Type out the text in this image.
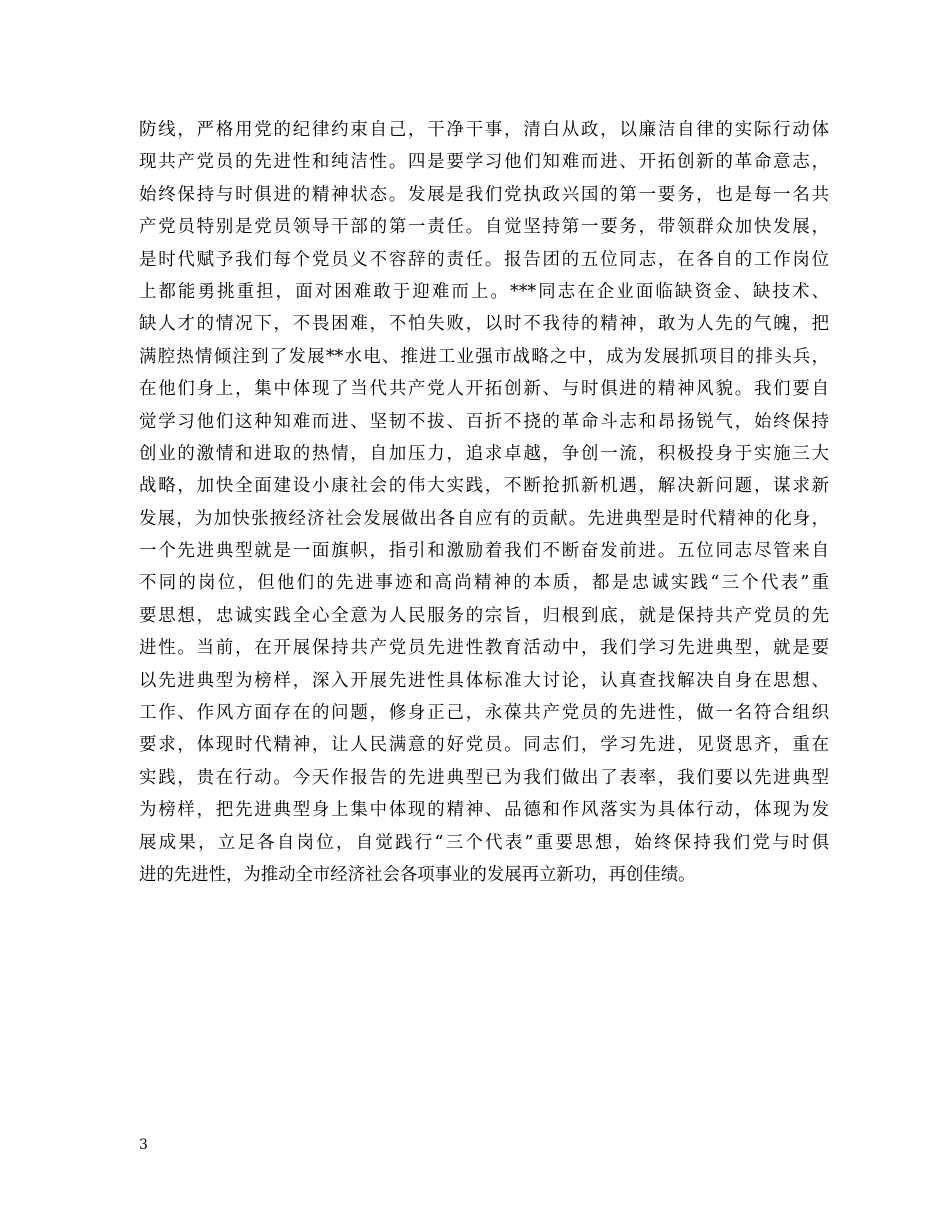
防线，严格用党的纪律约束自己，干净干事，清白从政，以廉洁自律的实际行动体
现共产党员的先进性和纯洁性。四是要学习他们知难而进、开拓创新的革命意志，
始终保持与时俱进的精神状态。发展是我们党执政兴国的第一要务，也是每一名共
产党员特别是党员领导干部的第一责任。自觉坚持第一要务，带领群众加快发展，
是时代赋予我们每个党员义不容辞的责任。报告团的五位同志，在各自的工作岗位
上都能勇挑重担，面对困难敢于迎难而上。***同志在企业面临缺资金、缺技术、
缺人才的情况下，不畏困难，不怕失败，以时不我待的精神，敢为人先的气魄，把
满腔热情倾注到了发展**水电、推进工业强市战略之中，成为发展抓项目的排头兵，
在他们身上，集中体现了当代共产党人开拓创新、与时俱进的精神风貌。我们要自
觉学习他们这种知难而进、坚韧不拔、百折不挠的革命斗志和昂扬锐气，始终保持
创业的激情和进取的热情，自加压力，追求卓越，争创一流，积极投身于实施三大
战略，加快全面建设小康社会的伟大实践，不断抢抓新机遇，解决新问题，谋求新
发展，为加快张掖经济社会发展做出各自应有的贡献。先进典型是时代精神的化身，
一个先进典型就是一面旗帜，指引和激励着我们不断奋发前进。五位同志尽管来自
不同的岗位，但他们的先进事迹和高尚精神的本质，都是忠诚实践“三个代表”重
要思想，忠诚实践全心全意为人民服务的宗旨，归根到底，就是保持共产党员的先
进性。当前，在开展保持共产党员先进性教育活动中，我们学习先进典型，就是要
以先进典型为榜样，深入开展先进性具体标准大讨论，认真查找解决自身在思想、
工作、作风方面存在的问题，修身正己，永葆共产党员的先进性，做一名符合组织
要求，体现时代精神，让人民满意的好党员。同志们，学习先进，见贤思齐，重在
实践，贵在行动。今天作报告的先进典型已为我们做出了表率，我们要以先进典型
为榜样，把先进典型身上集中体现的精神、品德和作风落实为具体行动，体现为发
展成果，立足各自岗位，自觉践行“三个代表”重要思想，始终保持我们党与时俱
进的先进性，为推动全市经济社会各项事业的发展再立新功，再创佳绩。
3
